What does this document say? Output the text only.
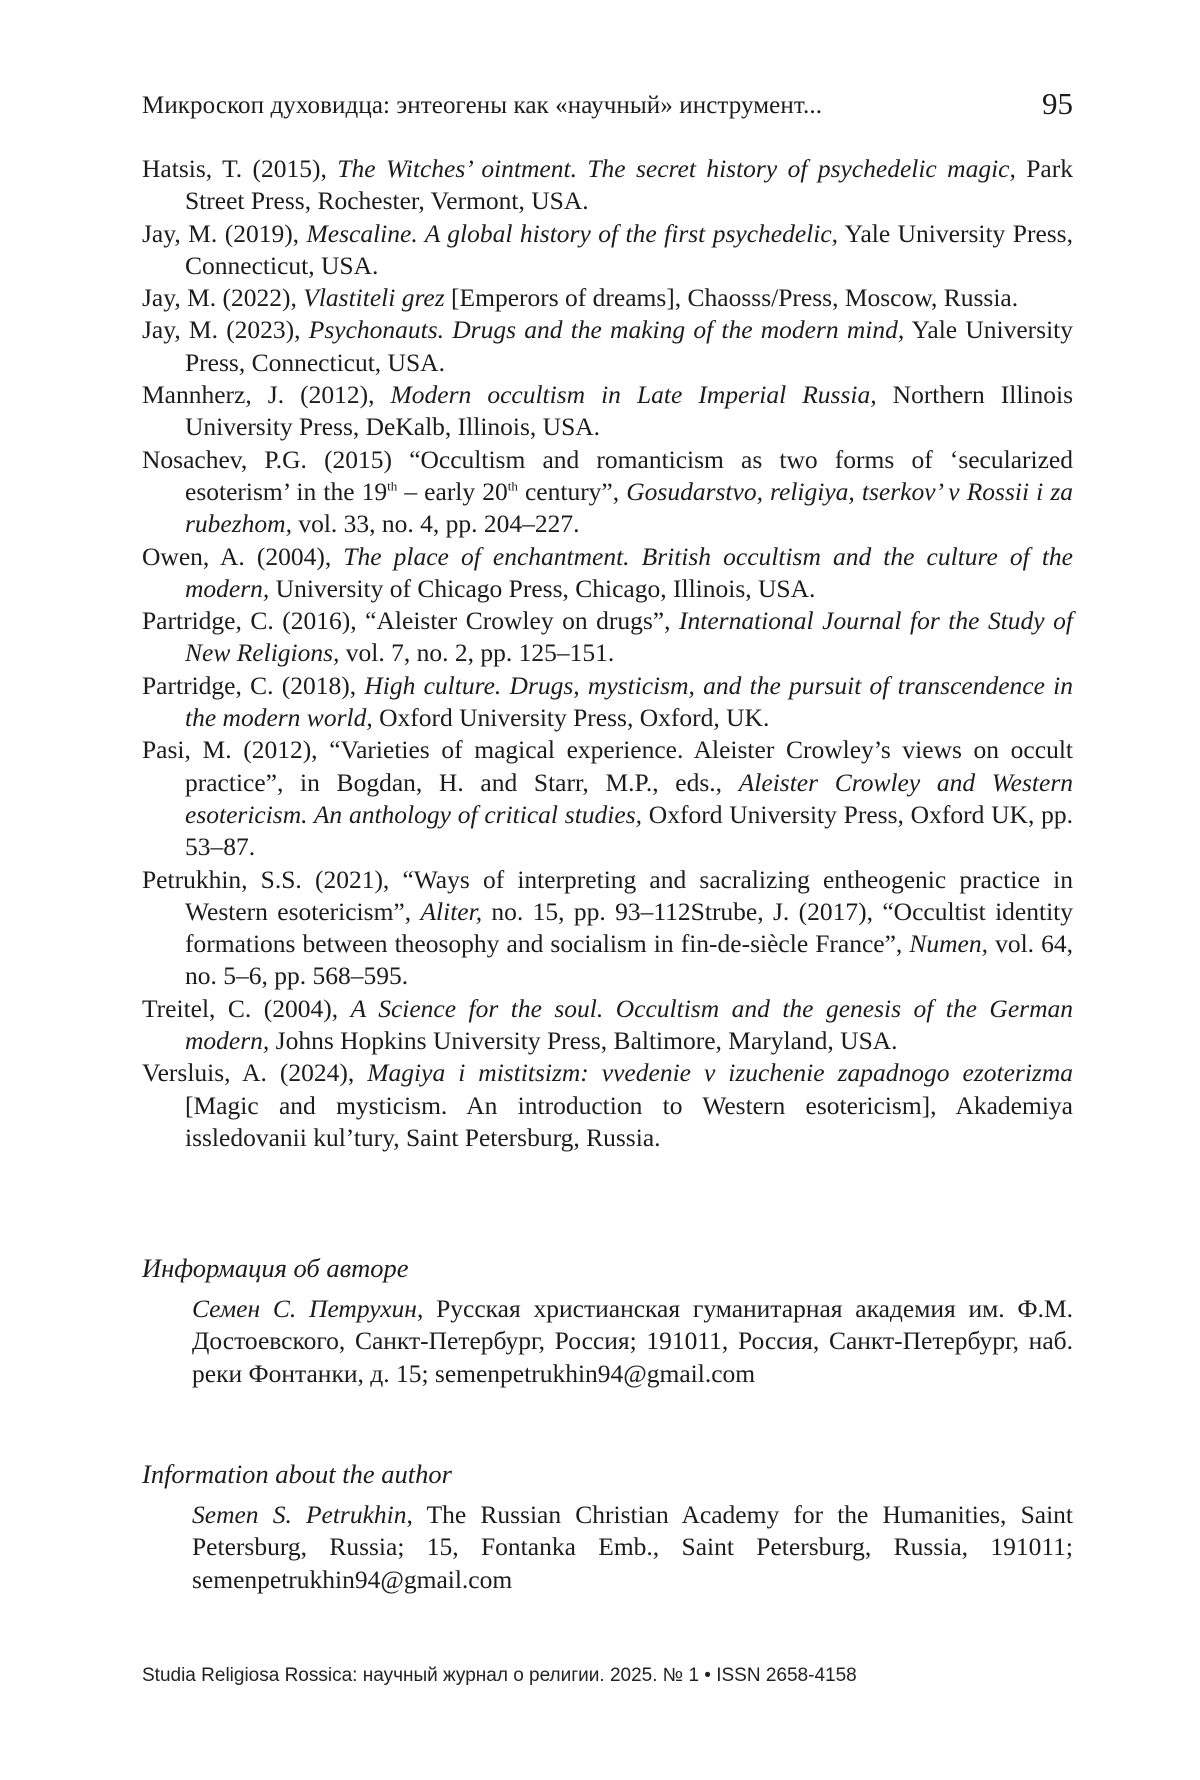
Микроскоп духовидца: энтеогены как «научный» инструмент...	95

Hatsis, T. (2015), The Witches’ ointment. The secret history of psychedelic magic, Park Street Press, Rochester, Vermont, USA.

Jay, M. (2019), Mescaline. A global history of the first psychedelic, Yale University Press, Connecticut, USA.

Jay, M. (2022), Vlastiteli grez [Emperors of dreams], Chaosss/Press, Moscow, Russia.

Jay, M. (2023), Psychonauts. Drugs and the making of the modern mind, Yale University Press, Connecticut, USA.

Mannherz, J. (2012), Modern occultism in Late Imperial Russia, Northern Illinois University Press, DeKalb, Illinois, USA.

Nosachev, P.G. (2015) “Occultism and romanticism as two forms of ‘secularized esoterism’ in the 19th – early 20th century”, Gosudarstvo, religiya, tserkov’ v Rossii i za rubezhom, vol. 33, no. 4, pp. 204–227.

Owen, A. (2004), The place of enchantment. British occultism and the culture of the modern, University of Chicago Press, Chicago, Illinois, USA.

Partridge, C. (2016), “Aleister Crowley on drugs”, International Journal for the Study of New Religions, vol. 7, no. 2, pp. 125–151.

Partridge, C. (2018), High culture. Drugs, mysticism, and the pursuit of transcendence in the modern world, Oxford University Press, Oxford, UK.

Pasi, M. (2012), “Varieties of magical experience. Aleister Crowley’s views on occult practice”, in Bogdan, H. and Starr, M.P., eds., Aleister Crowley and Western esotericism. An anthology of critical studies, Oxford University Press, Oxford UK, pp. 53–87.

Petrukhin, S.S. (2021), “Ways of interpreting and sacralizing entheogenic practice in Western esotericism”, Aliter, no. 15, pp. 93–112Strube, J. (2017), “Occultist identity formations between theosophy and socialism in fin-de-siècle France”, Numen, vol. 64, no. 5–6, pp. 568–595.

Treitel, C. (2004), A Science for the soul. Occultism and the genesis of the German modern, Johns Hopkins University Press, Baltimore, Maryland, USA.

Versluis, A. (2024), Magiya i mistitsizm: vvedenie v izuchenie zapadnogo ezoterizma [Magic and mysticism. An introduction to Western esotericism], Akademiya issledovanii kul’tury, Saint Petersburg, Russia.

Информация об авторе

Семен С. Петрухин, Русская христианская гуманитарная академия им. Ф.М. Достоевского, Санкт-Петербург, Россия; 191011, Россия, Санкт-Петербург, наб. реки Фонтанки, д. 15; semenpetrukhin94@gmail.com

Information about the author

Semen S. Petrukhin, The Russian Christian Academy for the Humanities, Saint Petersburg, Russia; 15, Fontanka Emb., Saint Petersburg, Russia, 191011; semenpetrukhin94@gmail.com

Studia Religiosa Rossica: научный журнал о религии. 2025. № 1 • ISSN 2658-4158
